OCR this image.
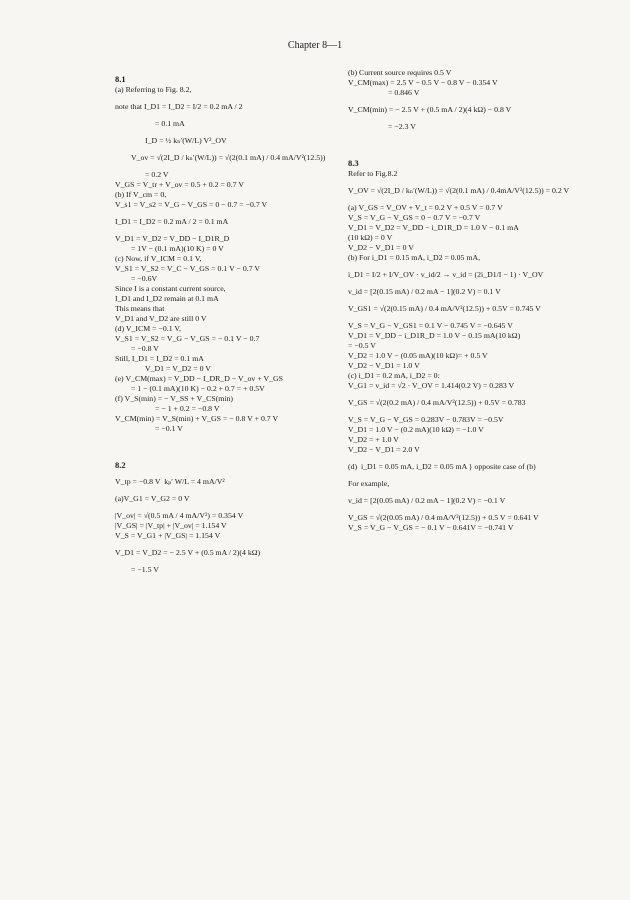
Chapter 8—1
8.1
(a) Referring to Fig. 8.2,
note that I_D1 = I_D2 = I/2 = 0.2 mA / 2
= 0.1 mA
I_D = ½ kₙ′(W/L) V²_OV
V_ov = √(2I_D / kₙ′(W/L)) = √(2(0.1 mA) / 0.4 mA/V²(12.5))
= 0.2 V
V_GS = V_tr + V_ov = 0.5 + 0.2 = 0.7 V
(b) If V_cm = 0,
V_s1 = V_s2 = V_G − V_GS = 0 − 0.7 = −0.7 V
I_D1 = I_D2 = 0.2 mA / 2 = 0.1 mA
V_D1 = V_D2 = V_DD − I_D1R_D
= 1V − (0.1 mA)(10 K) = 0 V
(c) Now, if V_ICM = 0.1 V,
V_S1 = V_S2 = V_C − V_GS = 0.1 V − 0.7 V
= −0.6V
Since I is a constant current source,
I_D1 and I_D2 remain at 0.1 mA
This means that
V_D1 and V_D2 are still 0 V
(d) V_ICM = −0.1 V,
V_S1 = V_S2 = V_G − V_GS = − 0.1 V − 0.7
= −0.8 V
Still, I_D1 = I_D2 = 0.1 mA
V_D1 = V_D2 = 0 V
(e) V_CM(max) = V_DD − I_DR_D − V_ov + V_GS
= 1 − (0.1 mA)(10 K) − 0.2 + 0.7 = + 0.5V
(f) V_S(min) = − V_SS + V_CS(min)
= − 1 + 0.2 = −0.8 V
V_CM(min) = V_S(min) + V_GS = − 0.8 V + 0.7 V
= −0.1 V
8.2
V_tp = −0.8 V  kₚ′ W/L = 4 mA/V²
(a)V_G1 = V_G2 = 0 V
|V_ov| = √(0.5 mA / 4 mA/V²) = 0.354 V
|V_GS| = |V_tp| + |V_ov| = 1.154 V
V_S = V_G1 + |V_GS| = 1.154 V
V_D1 = V_D2 = − 2.5 V + (0.5 mA / 2)(4 kΩ)
= −1.5 V
(b) Current source requires 0.5 V
V_CM(max) = 2.5 V − 0.5 V − 0.8 V − 0.354 V
= 0.846 V
V_CM(min) = − 2.5 V + (0.5 mA / 2)(4 kΩ) − 0.8 V
= −2.3 V
8.3
Refer to Fig.8.2
V_OV = √(2I_D / kₙ′(W/L)) = √(2(0.1 mA) / 0.4mA/V²(12.5)) = 0.2 V
(a) V_GS = V_OV + V_t = 0.2 V + 0.5 V = 0.7 V
V_S = V_G − V_GS = 0 − 0.7 V = −0.7 V
V_D1 = V_D2 = V_DD − i_D1R_D = 1.0 V − 0.1 mA
(10 kΩ) = 0 V
V_D2 − V_D1 = 0 V
(b) For i_D1 = 0.15 mA, i_D2 = 0.05 mA,
i_D1 = I/2 + I/V_OV · v_id/2 → v_id = (2i_D1/I − 1) · V_OV
v_id = [2(0.15 mA) / 0.2 mA − 1](0.2 V) = 0.1 V
V_GS1 = √(2(0.15 mA) / 0.4 mA/V²(12.5)) + 0.5V = 0.745 V
V_S = V_G − V_GS1 = 0.1 V − 0.745 V = −0.645 V
V_D1 = V_DD − i_D1R_D = 1.0 V − 0.15 mA(10 kΩ)
= −0.5 V
V_D2 = 1.0 V − (0.05 mA)(10 kΩ)= + 0.5 V
V_D2 − V_D1 = 1.0 V
(c) i_D1 = 0.2 mA, i_D2 = 0:
V_G1 = v_id = √2 · V_OV = 1.414(0.2 V) = 0.283 V
V_GS = √(2(0.2 mA) / 0.4 mA/V²(12.5)) + 0.5V = 0.783
V_S = V_G − V_GS = 0.283V − 0.783V = −0.5V
V_D1 = 1.0 V − (0.2 mA)(10 kΩ) = −1.0 V
V_D2 = + 1.0 V
V_D2 − V_D1 = 2.0 V
(d)  i_D1 = 0.05 mA, i_D2 = 0.05 mA } opposite case of (b)
For example,
v_id = [2(0.05 mA) / 0.2 mA − 1](0.2 V) = −0.1 V
V_GS = √(2(0.05 mA) / 0.4 mA/V²(12.5)) + 0.5 V = 0.641 V
V_S = V_G − V_GS = − 0.1 V − 0.641V = −0.741 V
